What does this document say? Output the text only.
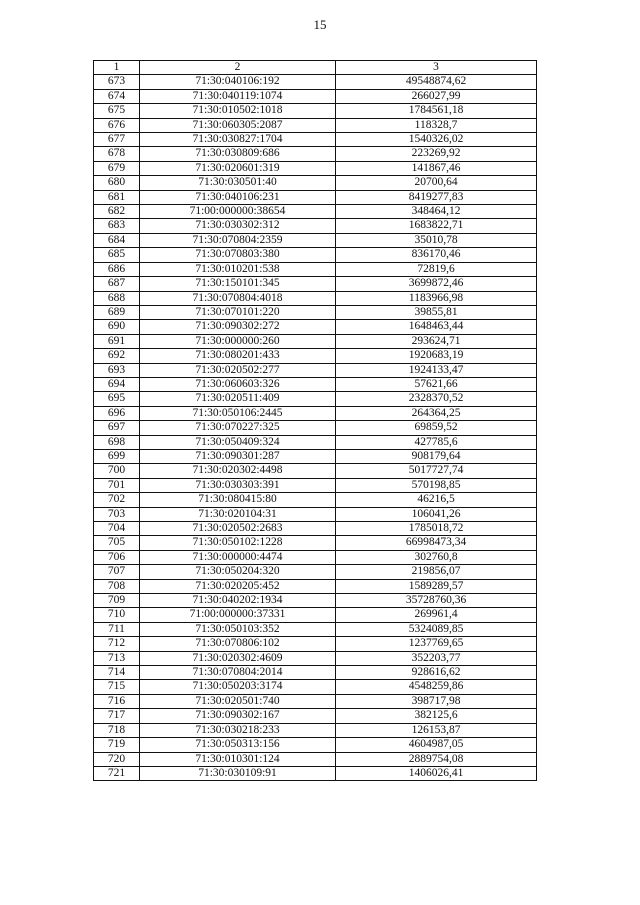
15
1	2	3
673	71:30:040106:192	49548874,62
674	71:30:040119:1074	266027,99
675	71:30:010502:1018	1784561,18
676	71:30:060305:2087	118328,7
677	71:30:030827:1704	1540326,02
678	71:30:030809:686	223269,92
679	71:30:020601:319	141867,46
680	71:30:030501:40	20700,64
681	71:30:040106:231	8419277,83
682	71:00:000000:38654	348464,12
683	71:30:030302:312	1683822,71
684	71:30:070804:2359	35010,78
685	71:30:070803:380	836170,46
686	71:30:010201:538	72819,6
687	71:30:150101:345	3699872,46
688	71:30:070804:4018	1183966,98
689	71:30:070101:220	39855,81
690	71:30:090302:272	1648463,44
691	71:30:000000:260	293624,71
692	71:30:080201:433	1920683,19
693	71:30:020502:277	1924133,47
694	71:30:060603:326	57621,66
695	71:30:020511:409	2328370,52
696	71:30:050106:2445	264364,25
697	71:30:070227:325	69859,52
698	71:30:050409:324	427785,6
699	71:30:090301:287	908179,64
700	71:30:020302:4498	5017727,74
701	71:30:030303:391	570198,85
702	71:30:080415:80	46216,5
703	71:30:020104:31	106041,26
704	71:30:020502:2683	1785018,72
705	71:30:050102:1228	66998473,34
706	71:30:000000:4474	302760,8
707	71:30:050204:320	219856,07
708	71:30:020205:452	1589289,57
709	71:30:040202:1934	35728760,36
710	71:00:000000:37331	269961,4
711	71:30:050103:352	5324089,85
712	71:30:070806:102	1237769,65
713	71:30:020302:4609	352203,77
714	71:30:070804:2014	928616,62
715	71:30:050203:3174	4548259,86
716	71:30:020501:740	398717,98
717	71:30:090302:167	382125,6
718	71:30:030218:233	126153,87
719	71:30:050313:156	4604987,05
720	71:30:010301:124	2889754,08
721	71:30:030109:91	1406026,41
